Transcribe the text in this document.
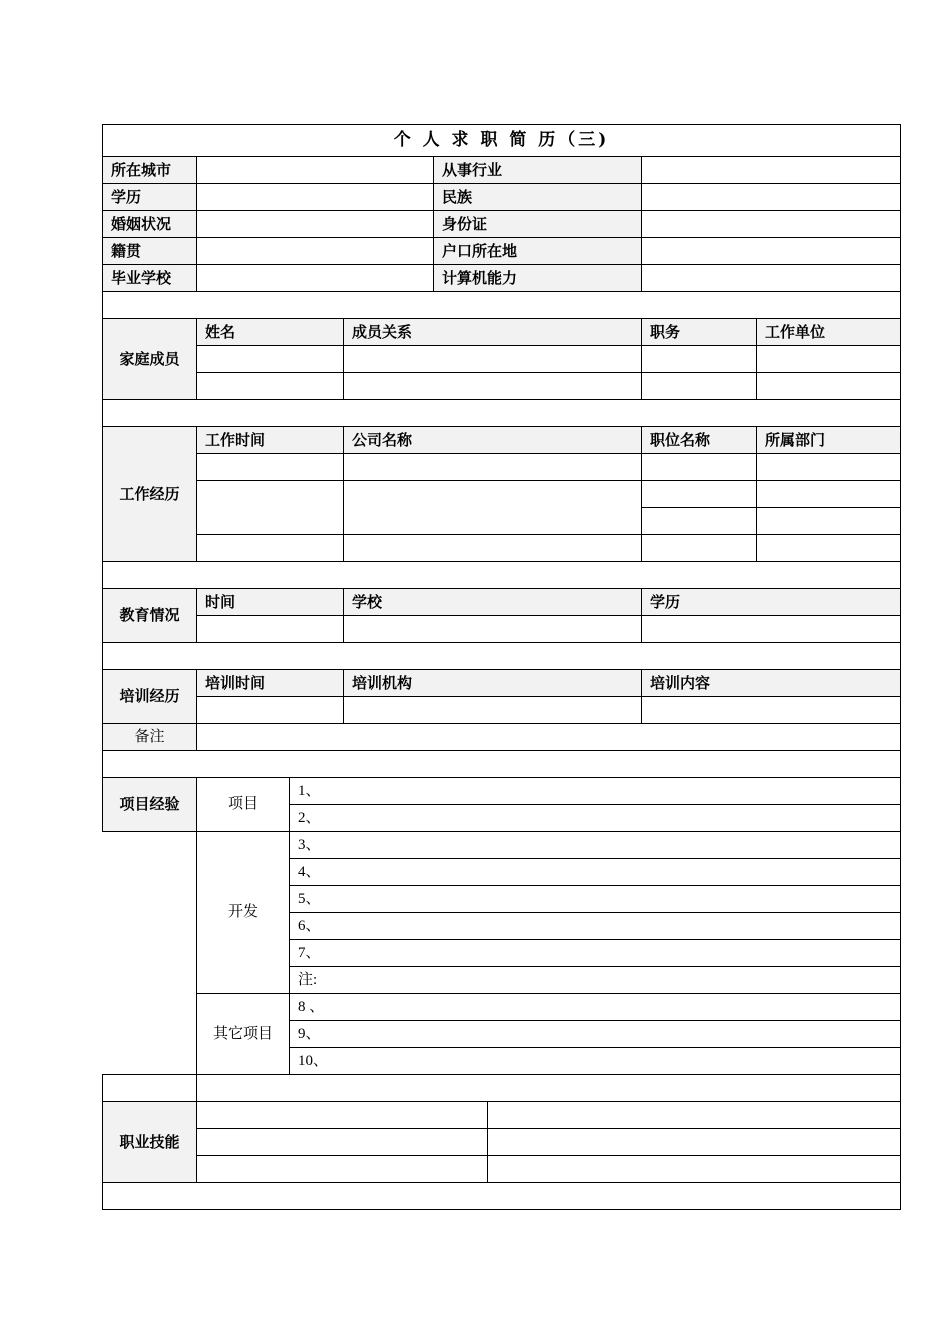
个 人 求 职 简 历（三)								
所在城市				从事行业				
学历				民族				
婚姻状况				身份证				
籍贯				户口所在地				
毕业学校				计算机能力				

家庭成员	姓名		成员关系			职务	工作单位	

工作经历	工作时间		公司名称			职位名称	所属部门	

教育情况	时间		学校			学历		

培训经历	培训时间		培训机构			培训内容		

备注								

项目经验	项目	1、						
		2、						
	开发	3、						
		4、						
		5、						
		6、						
		7、						
		注:						
	其它项目	8 、						
		9、						
		10、						

职业技能								
